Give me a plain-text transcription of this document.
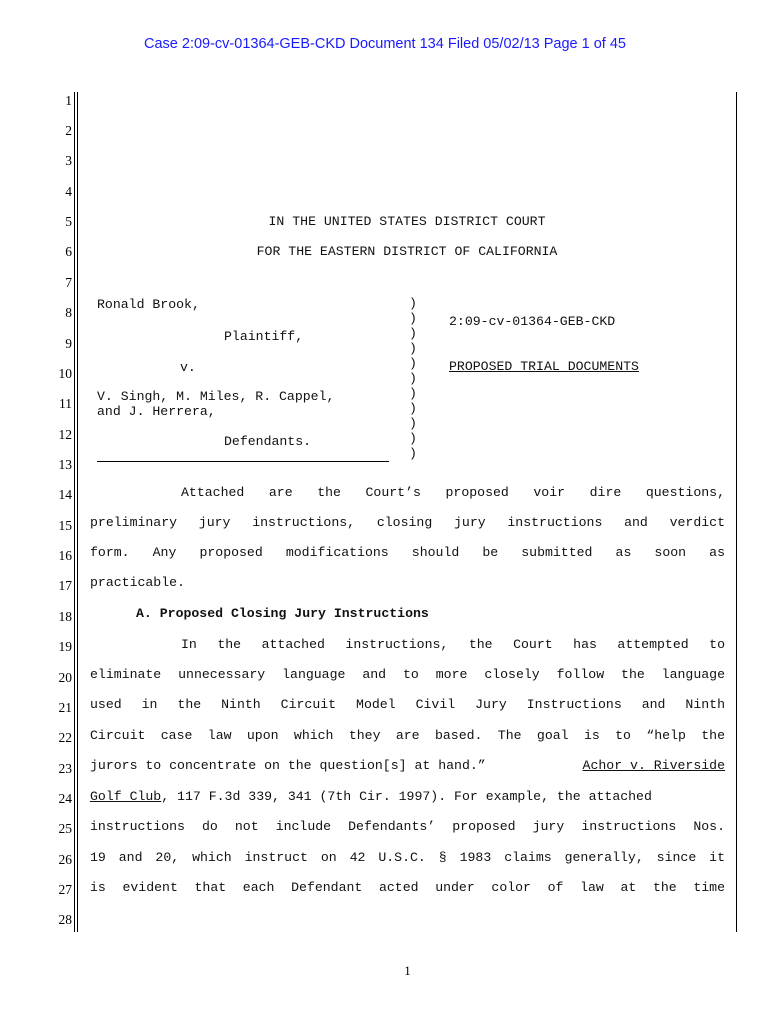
Case 2:09-cv-01364-GEB-CKD Document 134 Filed 05/02/13 Page 1 of 45
1
2
3
4
5
6
7
8
9
10
11
12
13
14
15
16
17
18
19
20
21
22
23
24
25
26
27
28
IN THE UNITED STATES DISTRICT COURT
FOR THE EASTERN DISTRICT OF CALIFORNIA
Ronald Brook,
Plaintiff,
v.
V. Singh, M. Miles, R. Cappel,
and J. Herrera,
Defendants.
)
)
)
)
)
)
)
)
)
)
)
2:09-cv-01364-GEB-CKD
PROPOSED TRIAL DOCUMENTS
Attached are the Court’s proposed voir dire questions,
preliminary jury instructions, closing jury instructions and verdict
form. Any proposed modifications should be submitted as soon as
practicable.
A. Proposed Closing Jury Instructions
In the attached instructions, the Court has attempted to
eliminate unnecessary language and to more closely follow the language
used in the Ninth Circuit Model Civil Jury Instructions and Ninth
Circuit case law upon which they are based. The goal is to “help the
jurors to concentrate on the question[s] at hand.”	Achor v. Riverside
Golf Club, 117 F.3d 339, 341 (7th Cir. 1997). For example, the attached
instructions do not include Defendants’ proposed jury instructions Nos.
19 and 20, which instruct on 42 U.S.C. § 1983 claims generally, since it
is evident that each Defendant acted under color of law at the time
1
